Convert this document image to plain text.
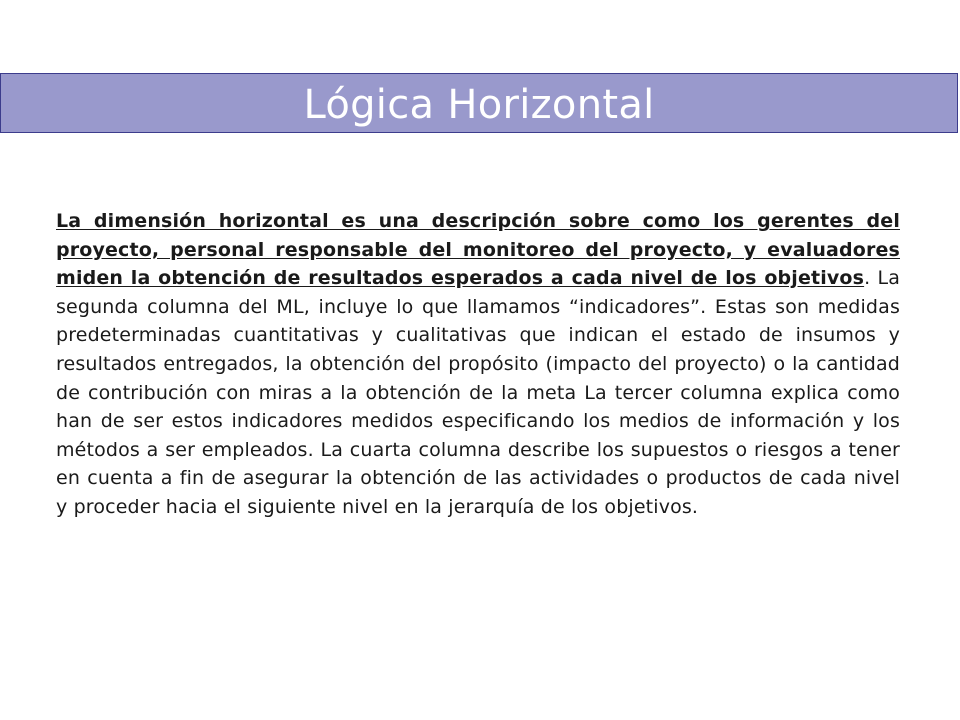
Lógica Horizontal

La dimensión horizontal es una descripción sobre como los gerentes del proyecto, personal responsable del monitoreo del proyecto, y evaluadores miden la obtención de resultados esperados a cada nivel de los objetivos. La segunda columna del ML, incluye lo que llamamos “indicadores”. Estas son medidas predeterminadas cuantitativas y cualitativas que indican el estado de insumos y resultados entregados, la obtención del propósito (impacto del proyecto) o la cantidad de contribución con miras a la obtención de la meta La tercer columna explica como han de ser estos indicadores medidos especificando los medios de información y los métodos a ser empleados. La cuarta columna describe los supuestos o riesgos a tener en cuenta a fin de asegurar la obtención de las actividades o productos de cada nivel y proceder hacia el siguiente nivel en la jerarquía de los objetivos.
